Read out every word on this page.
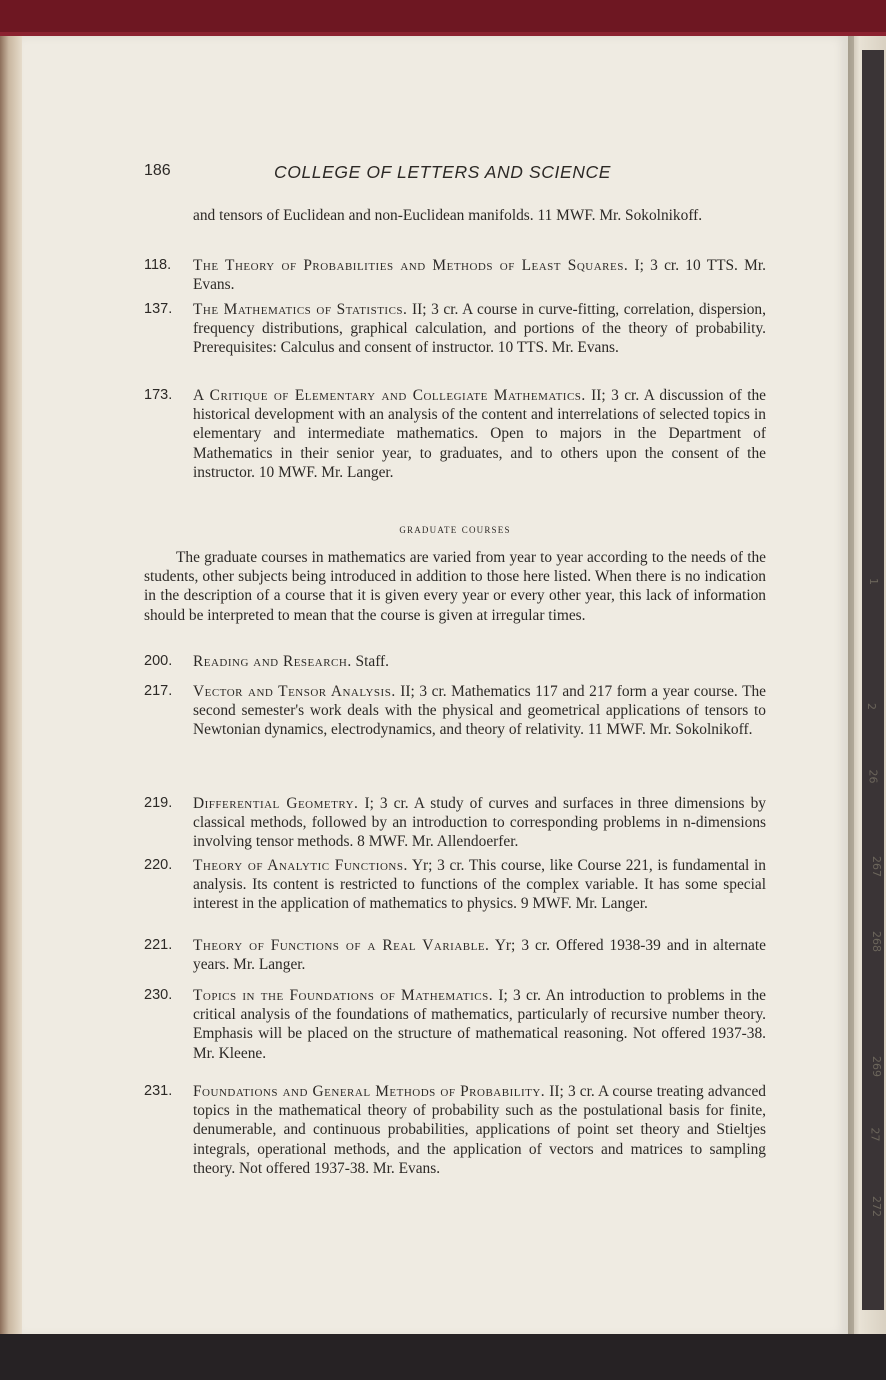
186	COLLEGE OF LETTERS AND SCIENCE
and tensors of Euclidean and non-Euclidean manifolds. 11 MWF. Mr. Sokolnikoff.
118. The Theory of Probabilities and Methods of Least Squares. I; 3 cr. 10 TTS. Mr. Evans.
137. The Mathematics of Statistics. II; 3 cr. A course in curve-fitting, correlation, dispersion, frequency distributions, graphical calculation, and portions of the theory of probability. Prerequisites: Calculus and consent of instructor. 10 TTS. Mr. Evans.
173. A Critique of Elementary and Collegiate Mathematics. II; 3 cr. A discussion of the historical development with an analysis of the content and interrelations of selected topics in elementary and intermediate mathematics. Open to majors in the Department of Mathematics in their senior year, to graduates, and to others upon the consent of the instructor. 10 MWF. Mr. Langer.
graduate courses
The graduate courses in mathematics are varied from year to year according to the needs of the students, other subjects being introduced in addition to those here listed. When there is no indication in the description of a course that it is given every year or every other year, this lack of information should be interpreted to mean that the course is given at irregular times.
200. Reading and Research. Staff.
217. Vector and Tensor Analysis. II; 3 cr. Mathematics 117 and 217 form a year course. The second semester's work deals with the physical and geometrical applications of tensors to Newtonian dynamics, electrodynamics, and theory of relativity. 11 MWF. Mr. Sokolnikoff.
219. Differential Geometry. I; 3 cr. A study of curves and surfaces in three dimensions by classical methods, followed by an introduction to corresponding problems in n-dimensions involving tensor methods. 8 MWF. Mr. Allendoerfer.
220. Theory of Analytic Functions. Yr; 3 cr. This course, like Course 221, is fundamental in analysis. Its content is restricted to functions of the complex variable. It has some special interest in the application of mathematics to physics. 9 MWF. Mr. Langer.
221. Theory of Functions of a Real Variable. Yr; 3 cr. Offered 1938-39 and in alternate years. Mr. Langer.
230. Topics in the Foundations of Mathematics. I; 3 cr. An introduction to problems in the critical analysis of the foundations of mathematics, particularly of recursive number theory. Emphasis will be placed on the structure of mathematical reasoning. Not offered 1937-38. Mr. Kleene.
231. Foundations and General Methods of Probability. II; 3 cr. A course treating advanced topics in the mathematical theory of probability such as the postulational basis for finite, denumerable, and continuous probabilities, applications of point set theory and Stieltjes integrals, operational methods, and the application of vectors and matrices to sampling theory. Not offered 1937-38. Mr. Evans.
2
26
267
268
269
27
272
1
